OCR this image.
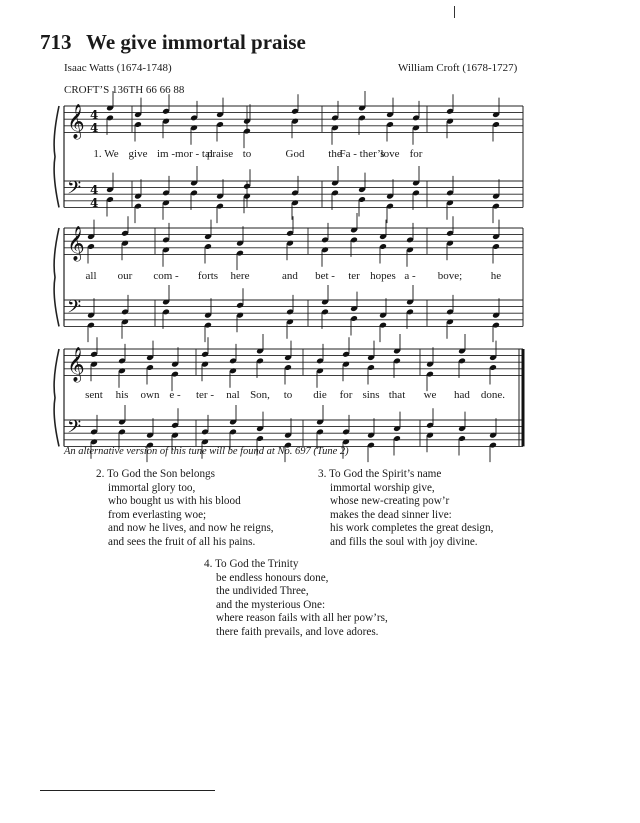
713 We give immortal praise
Isaac Watts (1674-1748)	William Croft (1678-1727)
CROFT’S 136TH 66 66 88
𝄞 4
4
𝄢 4
4
𝄞
𝄢
𝄞
𝄢
1. We give im - mor - tal
praise to	God the
Fa - ther’s
love for
all our com - forts here	and bet - ter hopes a - bove;	he
sent his own e - ter - nal Son, to die for sins that we had done.
An alternative version of this tune will be found at No. 697 (Tune 2)
2. To God the Son belongs
immortal glory too,
who bought us with his blood
from everlasting woe;
and now he lives, and now he reigns,
and sees the fruit of all his pains.
3. To God the Spirit’s name
immortal worship give,
whose new-creating pow’r
makes the dead sinner live:
his work completes the great design,
and fills the soul with joy divine.
4. To God the Trinity
be endless honours done,
the undivided Three,
and the mysterious One:
where reason fails with all her pow’rs,
there faith prevails, and love adores.
